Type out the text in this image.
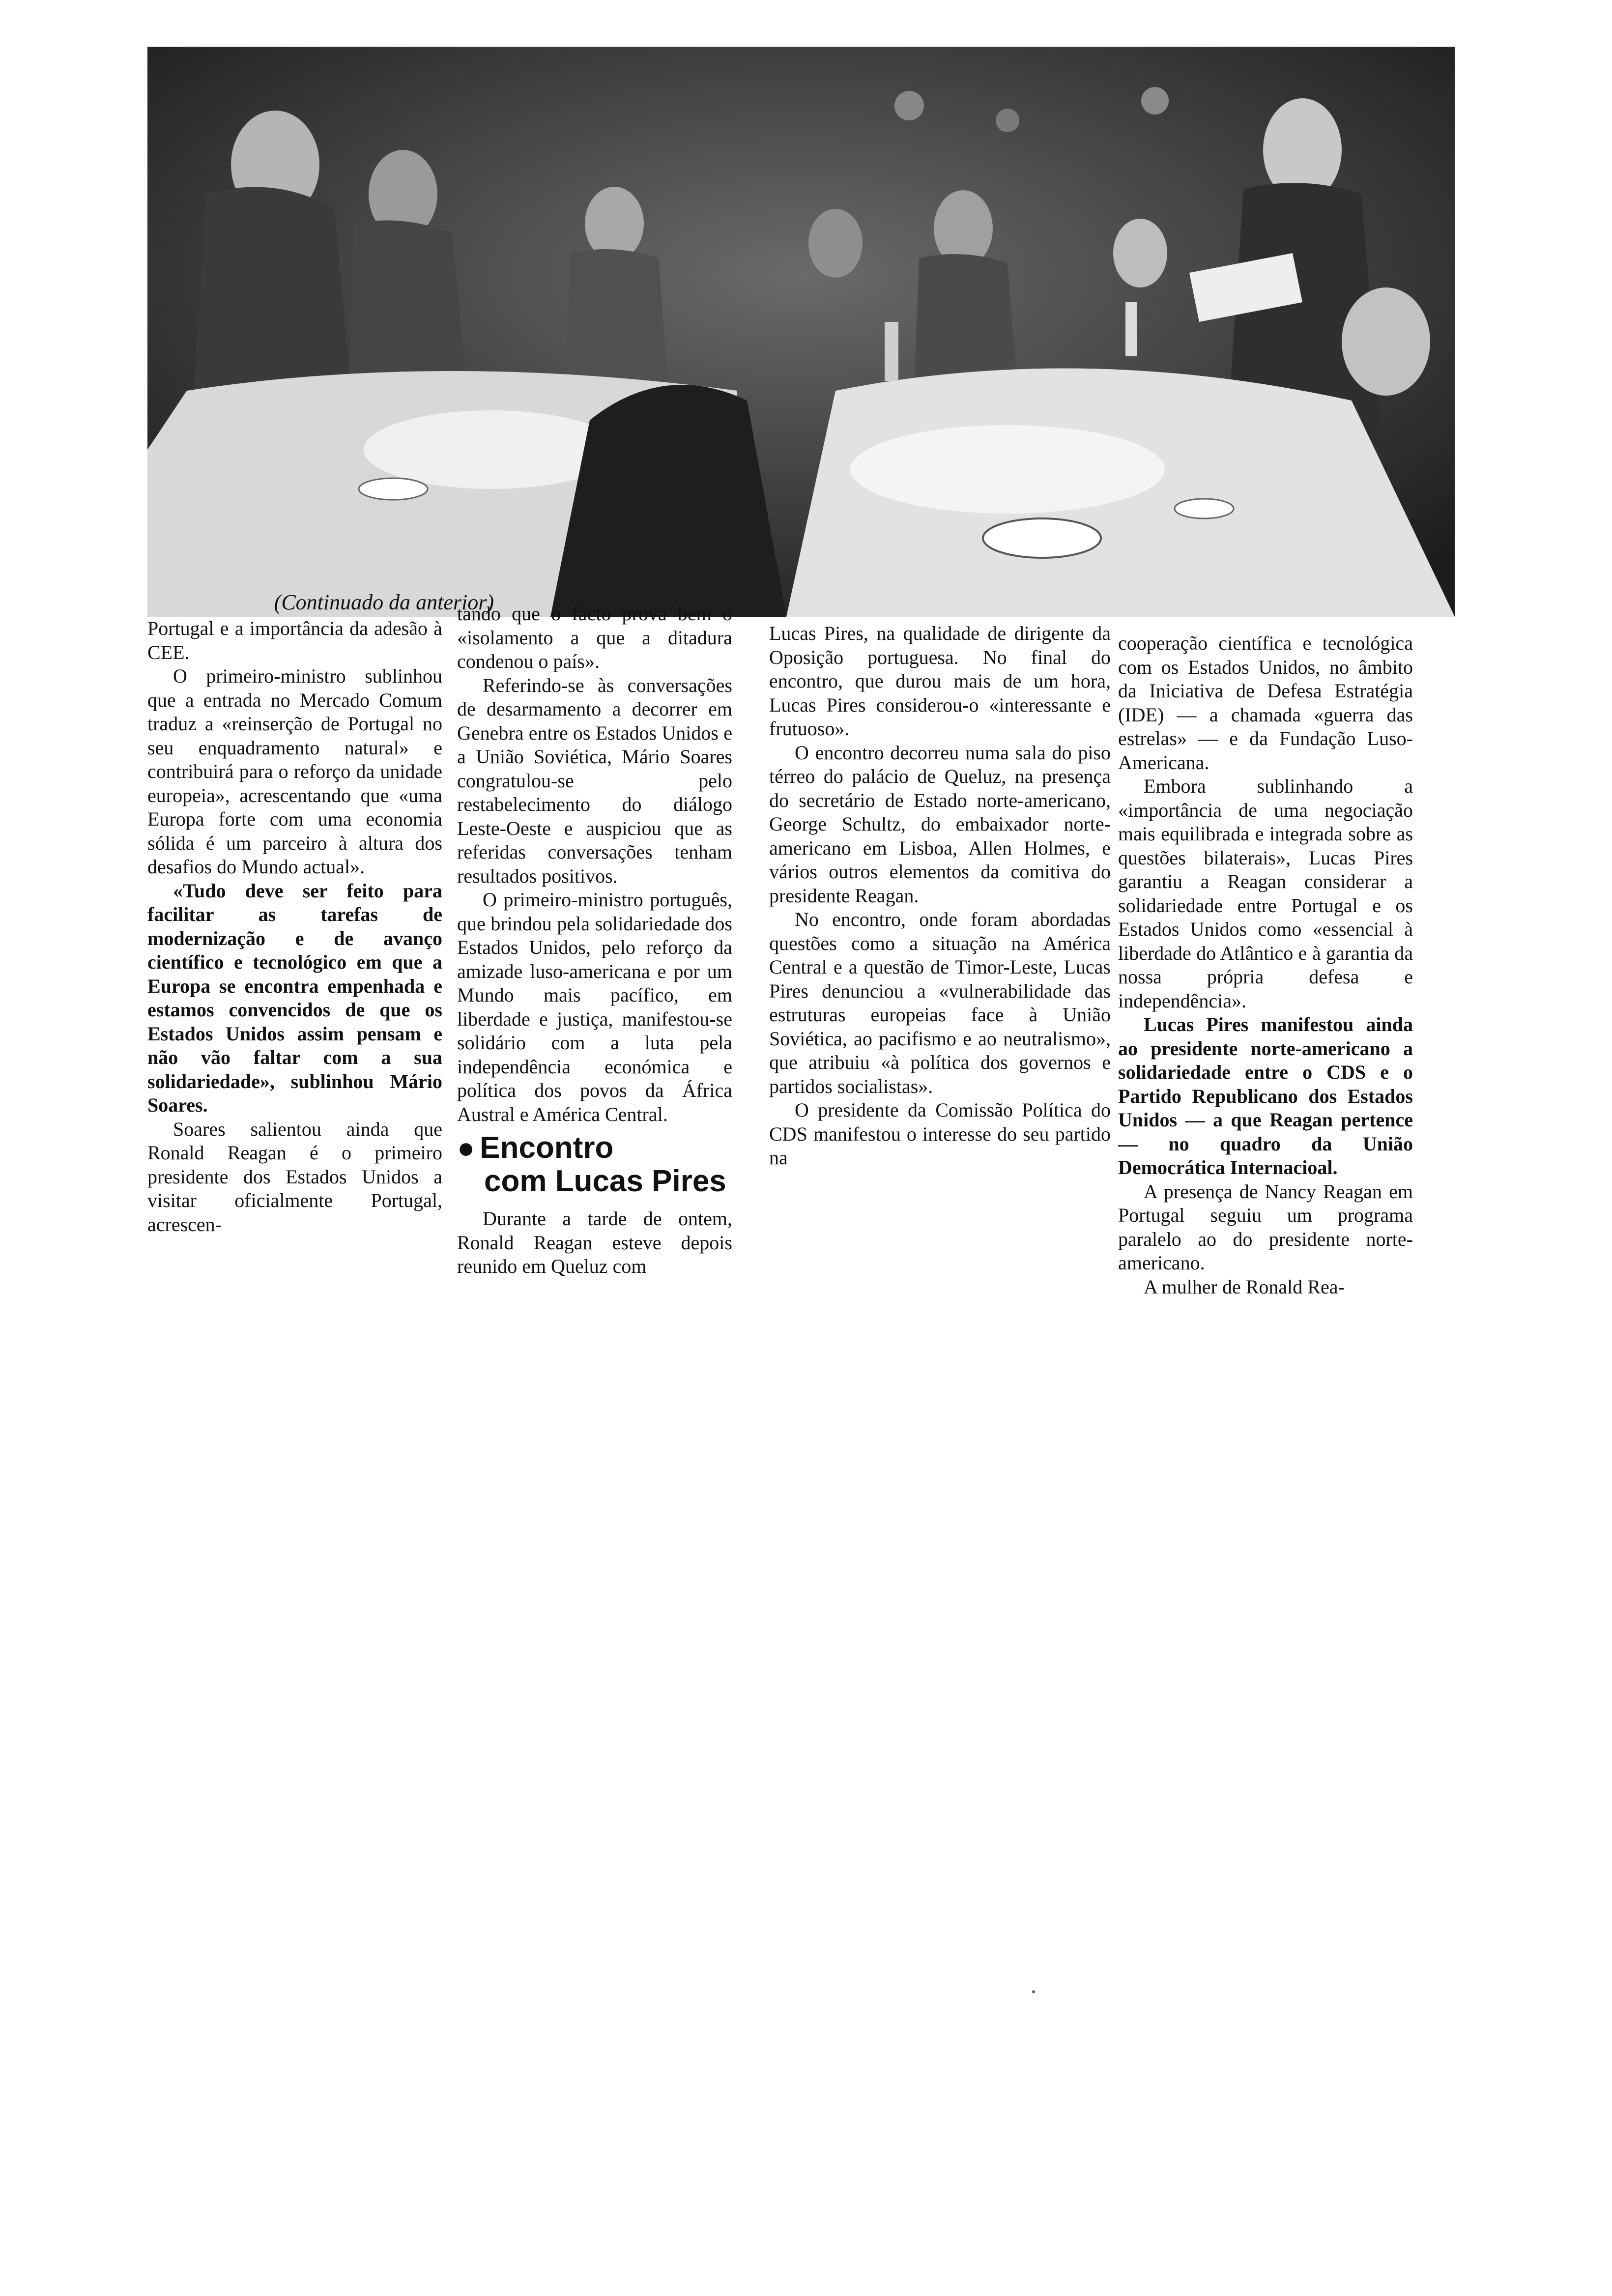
(Continuado da anterior)

Portugal e a importância da adesão à CEE.

O primeiro-ministro sublinhou que a entrada no Mercado Comum traduz a «reinserção de Portugal no seu enquadramento natural» e contribuirá para o reforço da unidade europeia», acrescentando que «uma Europa forte com uma economia sólida é um parceiro à altura dos desafios do Mundo actual».

«Tudo deve ser feito para facilitar as tarefas de modernização e de avanço científico e tecnológico em que a Europa se encontra empenhada e estamos convencidos de que os Estados Unidos assim pensam e não vão faltar com a sua solidariedade», sublinhou Mário Soares.

Soares salientou ainda que Ronald Reagan é o primeiro presidente dos Estados Unidos a visitar oficialmente Portugal, acrescen-

tando que o facto prova bem o «isolamento a que a ditadura condenou o país».

Referindo-se às conversações de desarmamento a decorrer em Genebra entre os Estados Unidos e a União Soviética, Mário Soares congratulou-se pelo restabelecimento do diálogo Leste-Oeste e auspiciou que as referidas conversações tenham resultados positivos.

O primeiro-ministro português, que brindou pela solidariedade dos Estados Unidos, pelo reforço da amizade luso-americana e por um Mundo mais pacífico, em liberdade e justiça, manifestou-se solidário com a luta pela independência económica e política dos povos da África Austral e América Central.

● Encontro
com Lucas Pires

Durante a tarde de ontem, Ronald Reagan esteve depois reunido em Queluz com

Lucas Pires, na qualidade de dirigente da Oposição portuguesa. No final do encontro, que durou mais de um hora, Lucas Pires considerou-o «interessante e frutuoso».

O encontro decorreu numa sala do piso térreo do palácio de Queluz, na presença do secretário de Estado norte-americano, George Schultz, do embaixador norte-americano em Lisboa, Allen Holmes, e vários outros elementos da comitiva do presidente Reagan.

No encontro, onde foram abordadas questões como a situação na América Central e a questão de Timor-Leste, Lucas Pires denunciou a «vulnerabilidade das estruturas europeias face à União Soviética, ao pacifismo e ao neutralismo», que atribuiu «à política dos governos e partidos socialistas».

O presidente da Comissão Política do CDS manifestou o interesse do seu partido na

cooperação científica e tecnológica com os Estados Unidos, no âmbito da Iniciativa de Defesa Estratégia (IDE) — a chamada «guerra das estrelas» — e da Fundação Luso-Americana.

Embora sublinhando a «importância de uma negociação mais equilibrada e integrada sobre as questões bilaterais», Lucas Pires garantiu a Reagan considerar a solidariedade entre Portugal e os Estados Unidos como «essencial à liberdade do Atlântico e à garantia da nossa própria defesa e independência».

Lucas Pires manifestou ainda ao presidente norte-americano a solidariedade entre o CDS e o Partido Republicano dos Estados Unidos — a que Reagan pertence — no quadro da União Democrática Internacioal.

A presença de Nancy Reagan em Portugal seguiu um programa paralelo ao do presidente norte-americano.

A mulher de Ronald Rea-
